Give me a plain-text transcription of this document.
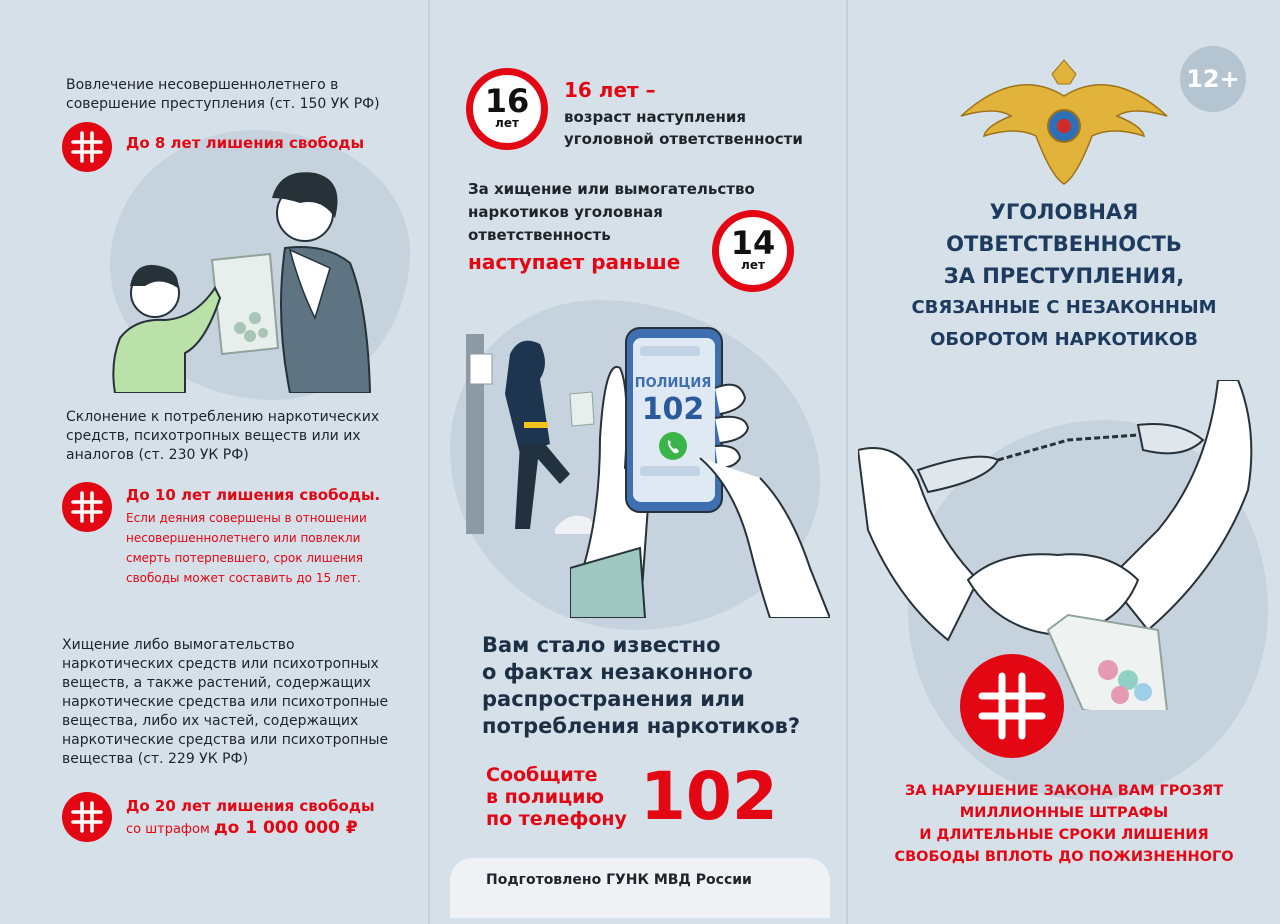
Вовлечение несовершеннолетнего в
совершение преступления (ст. 150 УК РФ)
До 8 лет лишения свободы
Склонение к потреблению наркотических
средств, психотропных веществ или их
аналогов (ст. 230 УК РФ)
До 10 лет лишения свободы.
Если деяния совершены в отношении
несовершеннолетнего или повлекли
смерть потерпевшего, срок лишения
свободы может составить до 15 лет.
Хищение либо вымогательство
наркотических средств или психотропных
веществ, а также растений, содержащих
наркотические средства или психотропные
вещества, либо их частей, содержащих
наркотические средства или психотропные
вещества (ст. 229 УК РФ)
До 20 лет лишения свободы
со штрафом до 1 000 000 ₽
16
лет
16 лет –
возраст наступления
уголовной ответственности
За хищение или вымогательство
наркотиков уголовная
ответственность
наступает раньше	14
лет
ПОЛИЦИЯ
102
Вам стало известно
о фактах незаконного
распространения или
потребления наркотиков?
Сообщите
в полицию
по телефону 102
Подготовлено ГУНК МВД России
12+
УГОЛОВНАЯ
ОТВЕТСТВЕННОСТЬ
ЗА ПРЕСТУПЛЕНИЯ,
СВЯЗАННЫЕ С НЕЗАКОННЫМ
ОБОРОТОМ НАРКОТИКОВ
ЗА НАРУШЕНИЕ ЗАКОНА ВАМ ГРОЗЯТ
МИЛЛИОННЫЕ ШТРАФЫ
И ДЛИТЕЛЬНЫЕ СРОКИ ЛИШЕНИЯ
СВОБОДЫ ВПЛОТЬ ДО ПОЖИЗНЕННОГО
